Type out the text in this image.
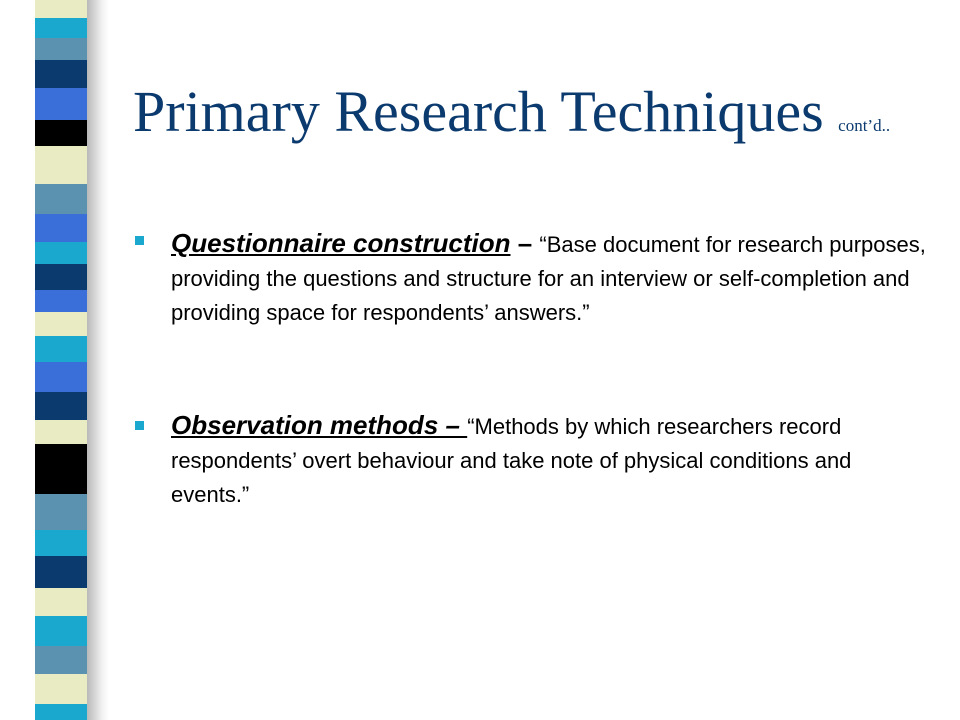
Primary Research Techniques cont’d..
Questionnaire construction – “Base document for research purposes, providing the questions and structure for an interview or self-completion and providing space for respondents’ answers.”
Observation methods – “Methods by which researchers record respondents’ overt behaviour and take note of physical conditions and events.”
